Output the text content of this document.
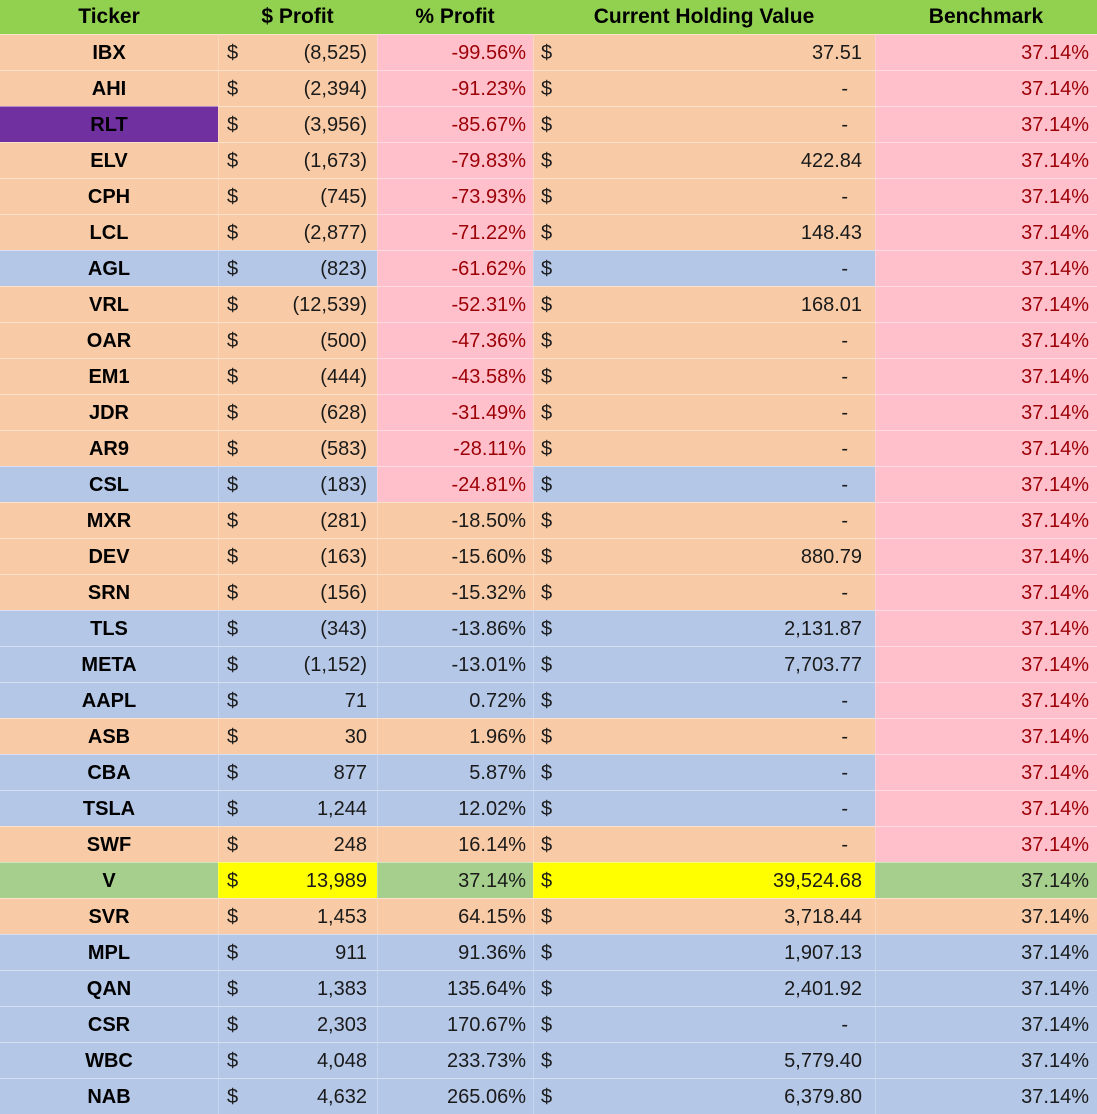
Ticker	$ Profit	% Profit	Current Holding Value	Benchmark
IBX	$	(8,525)	-99.56% $	37.51	37.14%
AHI	$	(2,394)	-91.23% $	-	37.14%
RLT	$	(3,956)	-85.67% $	-	37.14%
ELV	$	(1,673)	-79.83% $	422.84	37.14%
CPH	$	(745)	-73.93% $	-	37.14%
LCL	$	(2,877)	-71.22% $	148.43	37.14%
AGL	$	(823)	-61.62% $	-	37.14%
VRL	$	(12,539)	-52.31% $	168.01	37.14%
OAR	$	(500)	-47.36% $	-	37.14%
EM1	$	(444)	-43.58% $	-	37.14%
JDR	$	(628)	-31.49% $	-	37.14%
AR9	$	(583)	-28.11% $	-	37.14%
CSL	$	(183)	-24.81% $	-	37.14%
MXR	$	(281)	-18.50% $	-	37.14%
DEV	$	(163)	-15.60% $	880.79	37.14%
SRN	$	(156)	-15.32% $	-	37.14%
TLS	$	(343)	-13.86% $	2,131.87	37.14%
META	$	(1,152)	-13.01% $	7,703.77	37.14%
AAPL	$	71	0.72% $	-	37.14%
ASB	$	30	1.96% $	-	37.14%
CBA	$	877	5.87% $	-	37.14%
TSLA	$	1,244	12.02% $	-	37.14%
SWF	$	248	16.14% $	-	37.14%
V	$	13,989	37.14% $	39,524.68	37.14%
SVR	$	1,453	64.15% $	3,718.44	37.14%
MPL	$	911	91.36% $	1,907.13	37.14%
QAN	$	1,383	135.64% $	2,401.92	37.14%
CSR	$	2,303	170.67% $	-	37.14%
WBC	$	4,048	233.73% $	5,779.40	37.14%
NAB	$	4,632	265.06% $	6,379.80	37.14%
